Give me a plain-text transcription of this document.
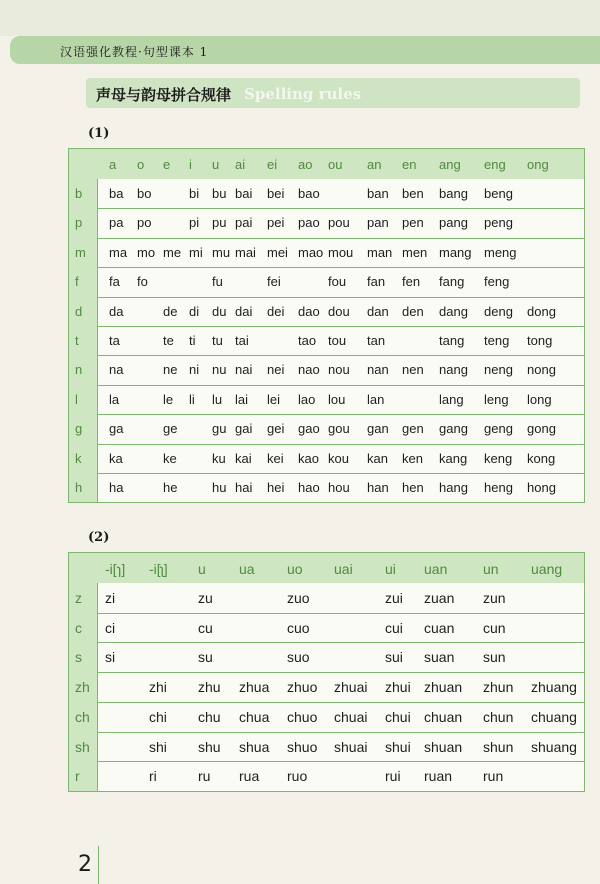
汉语强化教程·句型课本 1
声母与韵母拼合规律 Spelling rules
(1)
a o e i u ai ei ao ou an en ang eng ong
b ba bo	bi bu bai bei bao	ban ben bang beng
p pa po	pi pu pai pei pao pou pan pen pang peng
m ma mo me mi mu mai mei mao mou man men mang meng
f fa fo	fu	fei	fou fan fen fang feng
d da	de di du dai dei dao dou dan den dang deng dong
t ta	te ti tu tai	tao tou tan	tang teng tong
n na	ne ni nu nai nei nao nou nan nen nang neng nong
l la	le li lu lai lei lao lou lan	lang leng long
g ga	ge	gu gai gei gao gou gan gen gang geng gong
k ka	ke	ku kai kei kao kou kan ken kang keng kong
h ha	he	hu hai hei hao hou han hen hang heng hong
(2)
-i[ɿ] -i[ʅ] u ua uo uai ui uan	un uang
z zi	zu	zuo	zui zuan zun
c ci	cu	cuo	cui cuan cun
s si	su	suo	sui suan sun
zh	zhi zhu zhua zhuo zhuai zhui zhuan zhun zhuang
ch	chi chu chua chuo chuai chui chuan chun chuang
sh	shi shu shua shuo shuai shui shuan shun shuang
r	ri	ru rua ruo	rui ruan run
2
